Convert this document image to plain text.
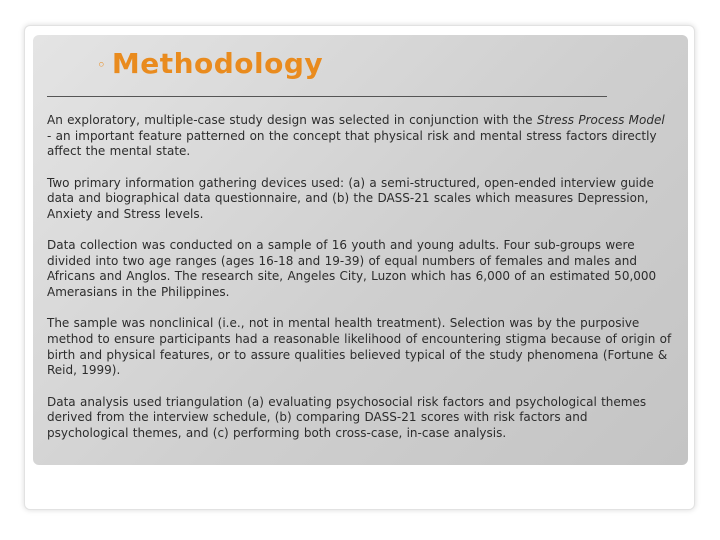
◦ Methodology

An exploratory, multiple-case study design was selected in conjunction with the Stress Process Model - an important feature patterned on the concept that physical risk and mental stress factors directly affect the mental state.

Two primary information gathering devices used: (a) a semi-structured, open-ended interview guide data and biographical data questionnaire, and (b) the DASS-21 scales which measures Depression, Anxiety and Stress levels.

Data collection was conducted on a sample of 16 youth and young adults. Four sub-groups were divided into two age ranges (ages 16-18 and 19-39) of equal numbers of females and males and Africans and Anglos. The research site, Angeles City, Luzon which has 6,000 of an estimated 50,000 Amerasians in the Philippines.

The sample was nonclinical (i.e., not in mental health treatment). Selection was by the purposive method to ensure participants had a reasonable likelihood of encountering stigma because of origin of birth and physical features, or to assure qualities believed typical of the study phenomena (Fortune & Reid, 1999).

Data analysis used triangulation (a) evaluating psychosocial risk factors and psychological themes derived from the interview schedule, (b) comparing DASS-21 scores with risk factors and psychological themes, and (c) performing both cross-case, in-case analysis.
